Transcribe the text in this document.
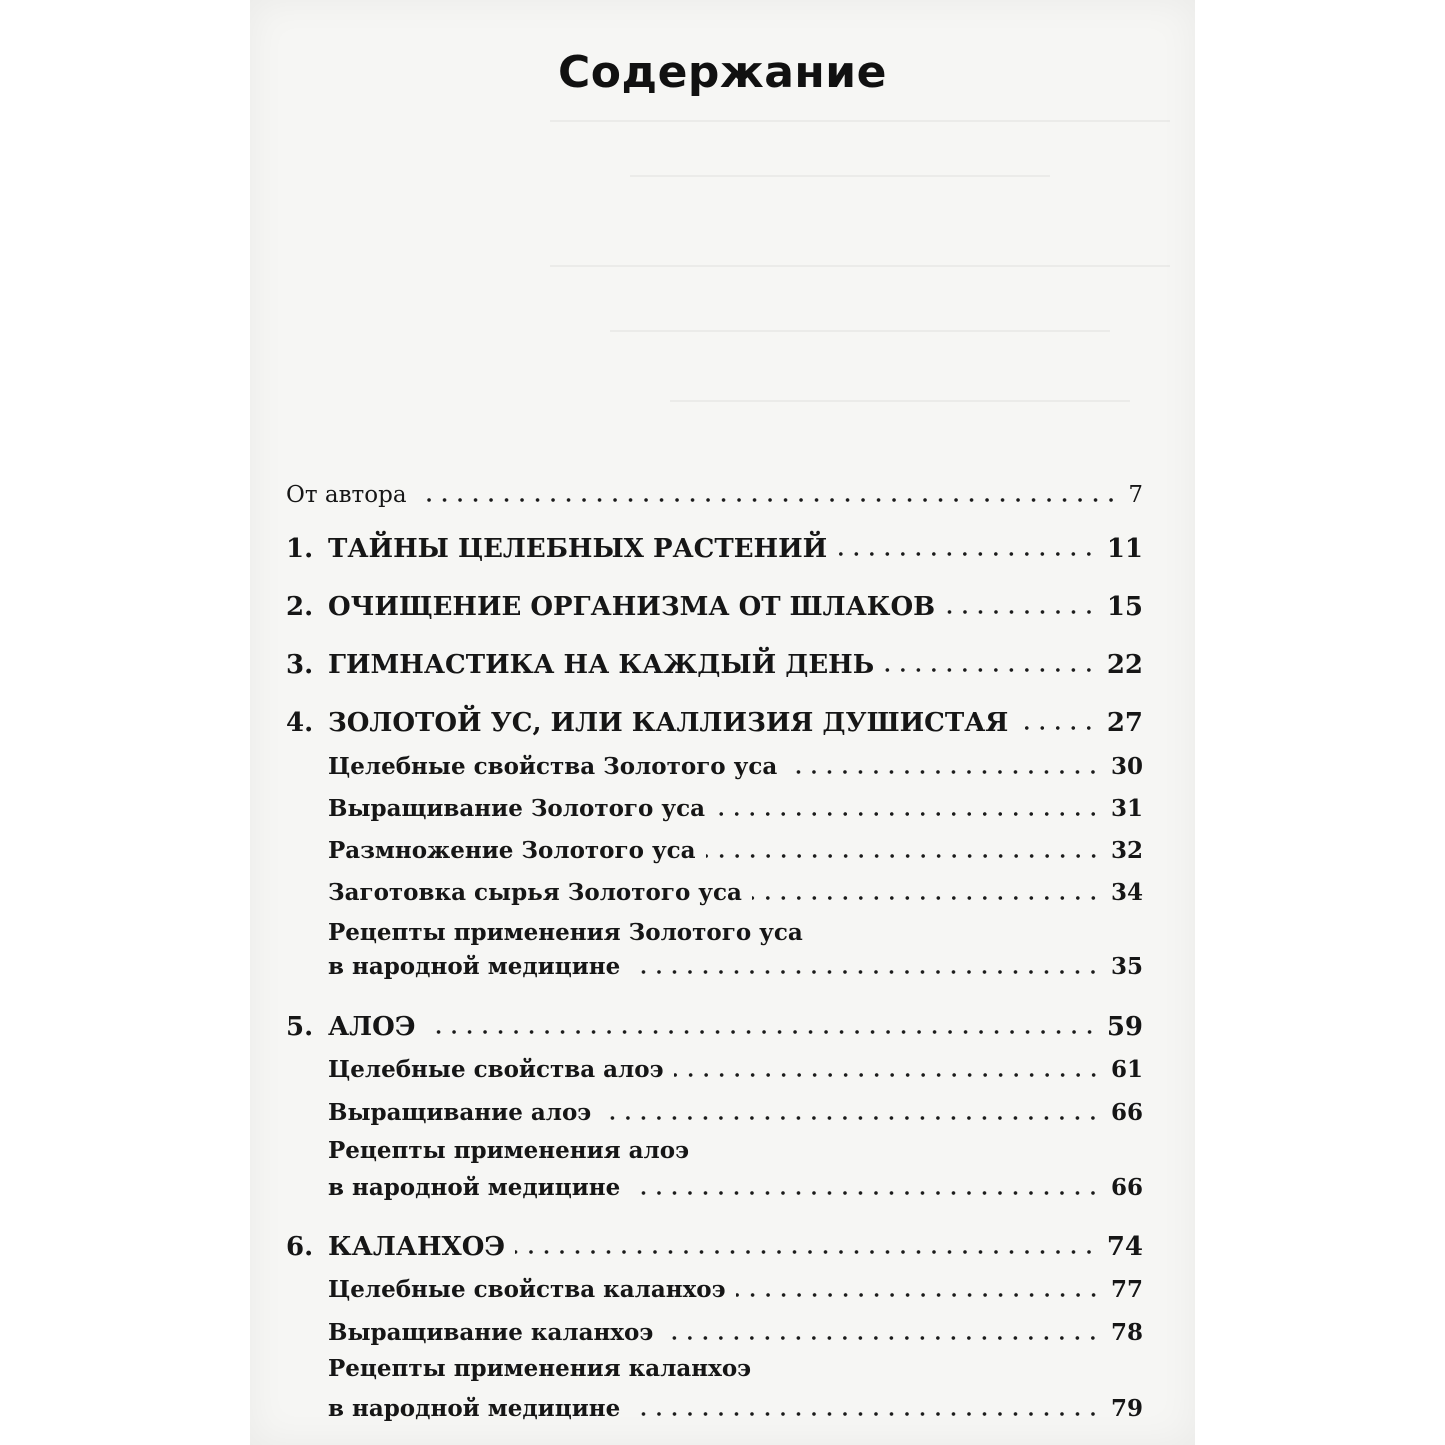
Содержание
От автора	7
1. ТАЙНЫ ЦЕЛЕБНЫХ РАСТЕНИЙ	11
2. ОЧИЩЕНИЕ ОРГАНИЗМА ОТ ШЛАКОВ	15
3. ГИМНАСТИКА НА КАЖДЫЙ ДЕНЬ	22
4. ЗОЛОТОЙ УС, ИЛИ КАЛЛИЗИЯ ДУШИСТАЯ	27
Целебные свойства Золотого уса	30
Выращивание Золотого уса	31
Размножение Золотого уса	32
Заготовка сырья Золотого уса	34
Рецепты применения Золотого уса
в народной медицине	35
5. АЛОЭ	59
Целебные свойства алоэ	61
Выращивание алоэ	66
Рецепты применения алоэ
в народной медицине	66
6. КАЛАНХОЭ	74
Целебные свойства каланхоэ	77
Выращивание каланхоэ	78
Рецепты применения каланхоэ
в народной медицине	79
